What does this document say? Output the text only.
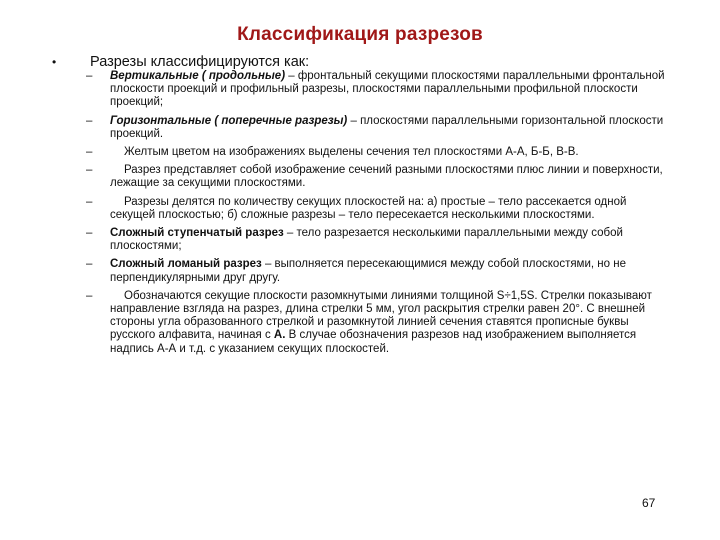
Классификация разрезов
• Разрезы классифицируются как:
– Вертикальные ( продольные) – фронтальный секущими плоскостями параллельными фронтальной плоскости проекций и профильный разрезы, плоскостями параллельными профильной плоскости проекций;
– Горизонтальные ( поперечные разрезы) – плоскостями параллельными горизонтальной плоскости проекций.
–	Желтым цветом на изображениях выделены сечения тел плоскостями А-А, Б-Б, В-В.
–	Разрез представляет собой изображение сечений разными плоскостями плюс линии и поверхности, лежащие за секущими плоскостями.
–	Разрезы делятся по количеству секущих плоскостей на: а) простые – тело рассекается одной секущей плоскостью; б) сложные разрезы – тело пересекается несколькими плоскостями.
– Сложный ступенчатый разрез – тело разрезается несколькими параллельными между собой плоскостями;
– Сложный ломаный разрез – выполняется пересекающимися между собой плоскостями, но не перпендикулярными друг другу.
–	Обозначаются секущие плоскости разомкнутыми линиями толщиной S÷1,5S. Стрелки показывают направление взгляда на разрез, длина стрелки 5 мм, угол раскрытия стрелки равен 20°. С внешней стороны угла образованного стрелкой и разомкнутой линией сечения ставятся прописные буквы русского алфавита, начиная с А. В случае обозначения разрезов над изображением выполняется надпись А-А и т.д. с указанием секущих плоскостей.
67
